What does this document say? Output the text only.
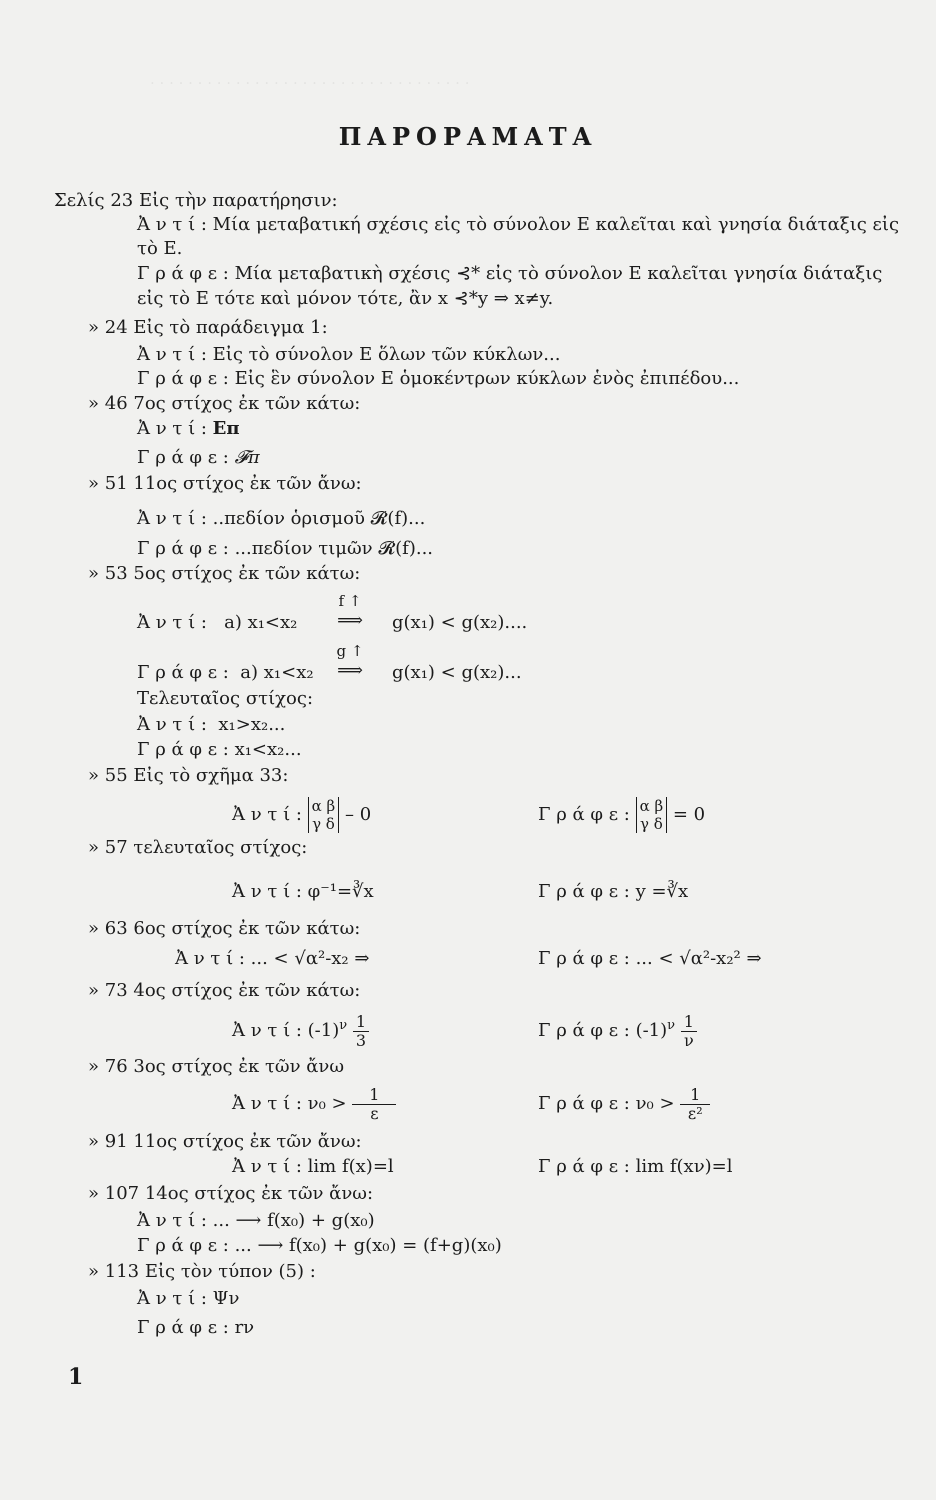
. . . . . . . . . . . . . . . . . . . . . . . . . . . . . . . . . .
ΠΑΡΟΡΑΜΑΤΑ
Σελίς 23 Εἰς τὴν παρατήρησιν:
Ἀ ν τ ί : Μία μεταβατική σχέσις εἰς τὸ σύνολον Ε καλεῖται καὶ γνησία διάταξις εἰς
τὸ Ε.
Γ ρ ά φ ε : Μία μεταβατικὴ σχέσις ⊰* εἰς τὸ σύνολον Ε καλεῖται γνησία διάταξις
εἰς τὸ Ε τότε καὶ μόνον τότε, ἂν x ⊰*y ⇒ x≠y.
» 24 Εἰς τὸ παράδειγμα 1:
Ἀ ν τ ί : Εἰς τὸ σύνολον Ε ὅλων τῶν κύκλων...
Γ ρ ά φ ε : Εἰς ἓν σύνολον Ε ὁμοκέντρων κύκλων ἑνὸς ἐπιπέδου...
» 46 7ος στίχος ἐκ τῶν κάτω:
Ἀ ν τ ί : Eπ
Γ ρ ά φ ε : 𝓕π
» 51 11ος στίχος ἐκ τῶν ἄνω:
Ἀ ν τ ί : ..πεδίον ὁρισμοῦ 𝓡(f)...
Γ ρ ά φ ε : ...πεδίον τιμῶν 𝓡(f)...
» 53 5ος στίχος ἐκ τῶν κάτω:
Ἀ ν τ ί : a) x₁<x₂
f ↑
⟹	g(x₁) < g(x₂)....
Γ ρ ά φ ε : a) x₁<x₂
g ↑
⟹	g(x₁) < g(x₂)...
Τελευταῖος στίχος:
Ἀ ν τ ί : x₁>x₂...
Γ ρ ά φ ε : x₁<x₂...
» 55 Εἰς τὸ σχῆμα 33:
Ἀ ν τ ί : α β
γ δ – 0	Γ ρ ά φ ε : α β
γ δ = 0
» 57 τελευταῖος στίχος:
Ἀ ν τ ί : φ⁻¹=∛x	Γ ρ ά φ ε : y =∛x
» 63 6ος στίχος ἐκ τῶν κάτω:
Ἀ ν τ ί : ... < √α²-x₂ ⇒	Γ ρ ά φ ε : ... < √α²-x₂² ⇒
» 73 4ος στίχος ἐκ τῶν κάτω:
Ἀ ν τ ί : $(-1)^\nu \frac{1}{3}$	Γ ρ ά φ ε : $(-1)^\nu \frac{1}{\nu}$
» 76 3ος στίχος ἐκ τῶν ἄνω
Ἀ ν τ ί : $\nu_0 > \frac{1}{\varepsilon}$	Γ ρ ά φ ε : $\nu_0 > \frac{1}{\text{ε²}}$
» 91 11ος στίχος ἐκ τῶν ἄνω:
Ἀ ν τ ί : lim f(x)=l	Γ ρ ά φ ε : lim f(xν)=l
» 107 14ος στίχος ἐκ τῶν ἄνω:
Ἀ ν τ ί : ... ⟶ f(x₀) + g(x₀)
Γ ρ ά φ ε : ... ⟶ f(x₀) + g(x₀) = (f+g)(x₀)
» 113 Εἰς τὸν τύπον (5) :
Ἀ ν τ ί : Ψν
Γ ρ ά φ ε : rν
1
